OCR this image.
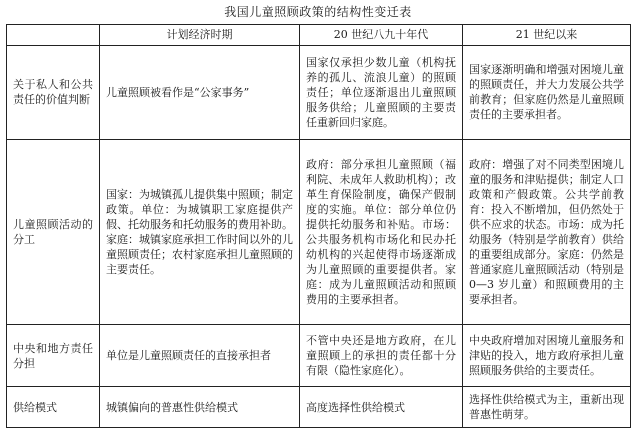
我国儿童照顾政策的结构性变迁表
	计划经济时期	20 世纪八九十年代	21 世纪以来
关于私人和公共责任的价值判断	儿童照顾被看作是“公家事务”	国家仅承担少数儿童（机构抚养的孤儿、流浪儿童）的照顾责任；单位逐渐退出儿童照顾服务供给；儿童照顾的主要责任重新回归家庭。	国家逐渐明确和增强对困境儿童的照顾责任，并大力发展公共学前教育；但家庭仍然是儿童照顾责任的主要承担者。
儿童照顾活动的分工	国家：为城镇孤儿提供集中照顾；制定政策。单位：为城镇职工家庭提供产假、托幼服务和托幼服务的费用补助。家庭：城镇家庭承担工作时间以外的儿童照顾责任；农村家庭承担儿童照顾的主要责任。	政府：部分承担儿童照顾（福利院、未成年人救助机构）；改革生育保险制度，确保产假制度的实施。单位：部分单位仍提供托幼服务和补贴。市场：公共服务机构市场化和民办托幼机构的兴起使得市场逐渐成为儿童照顾的重要提供者。家庭：成为儿童照顾活动和照顾费用的主要承担者。	政府：增强了对不同类型困境儿童的服务和津贴提供；制定人口政策和产假政策。公共学前教育：投入不断增加，但仍然处于供不应求的状态。市场：成为托幼服务（特别是学前教育）供给的重要组成部分。家庭：仍然是普通家庭儿童照顾活动（特别是 0—3 岁儿童）和照顾费用的主要承担者。
中央和地方责任分担	单位是儿童照顾责任的直接承担者	不管中央还是地方政府，在儿童照顾上的承担的责任都十分有限（隐性家庭化）。	中央政府增加对困境儿童服务和津贴的投入，地方政府承担儿童照顾服务供给的主要责任。
供给模式	城镇偏向的普惠性供给模式	高度选择性供给模式	选择性供给模式为主，重新出现普惠性萌芽。
